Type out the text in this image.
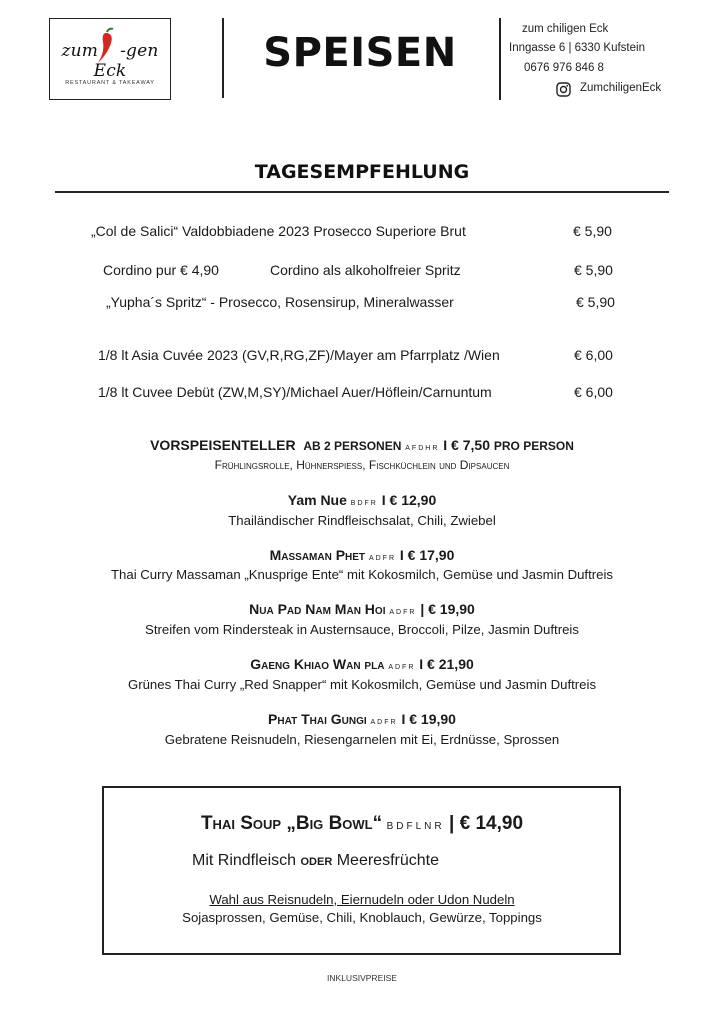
zum -gen Eck
RESTAURANT & TAKEAWAY
SPEISEN
zum chiligen Eck
Inngasse 6 | 6330 Kufstein
0676 976 846 8
ZumchiligenEck
TAGESEMPFEHLUNG
„Col de Salici“ Valdobbiadene 2023 Prosecco Superiore Brut	€ 5,90
Cordino pur € 4,90	Cordino als alkoholfreier Spritz	€ 5,90
„Yupha´s Spritz“ - Prosecco, Rosensirup, Mineralwasser	€ 5,90
1/8 lt Asia Cuvée 2023 (GV,R,RG,ZF)/Mayer am Pfarrplatz /Wien	€ 6,00
1/8 lt Cuvee Debüt (ZW,M,SY)/Michael Auer/Höflein/Carnuntum	€ 6,00
VORSPEISENTELLER AB 2 PERSONEN AFDHR I € 7,50 PRO PERSON
Frühlingsrolle, Hühnerspieß, Fischküchlein und Dipsaucen
Yam Nue BDFR I € 12,90
Thailändischer Rindfleischsalat, Chili, Zwiebel
Massaman Phet ADFR I € 17,90
Thai Curry Massaman „Knusprige Ente“ mit Kokosmilch, Gemüse und Jasmin Duftreis
Nua Pad Nam Man Hoi ADFR | € 19,90
Streifen vom Rindersteak in Austernsauce, Broccoli, Pilze, Jasmin Duftreis
Gaeng Khiao Wan pla ADFR I € 21,90
Grünes Thai Curry „Red Snapper“ mit Kokosmilch, Gemüse und Jasmin Duftreis
Phat Thai Gungi ADFR I € 19,90
Gebratene Reisnudeln, Riesengarnelen mit Ei, Erdnüsse, Sprossen
Thai Soup „Big Bowl“ BDFLNR | € 14,90
Mit Rindfleisch oder Meeresfrüchte
Wahl aus Reisnudeln, Eiernudeln oder Udon Nudeln
Sojasprossen, Gemüse, Chili, Knoblauch, Gewürze, Toppings
INKLUSIVPREISE
